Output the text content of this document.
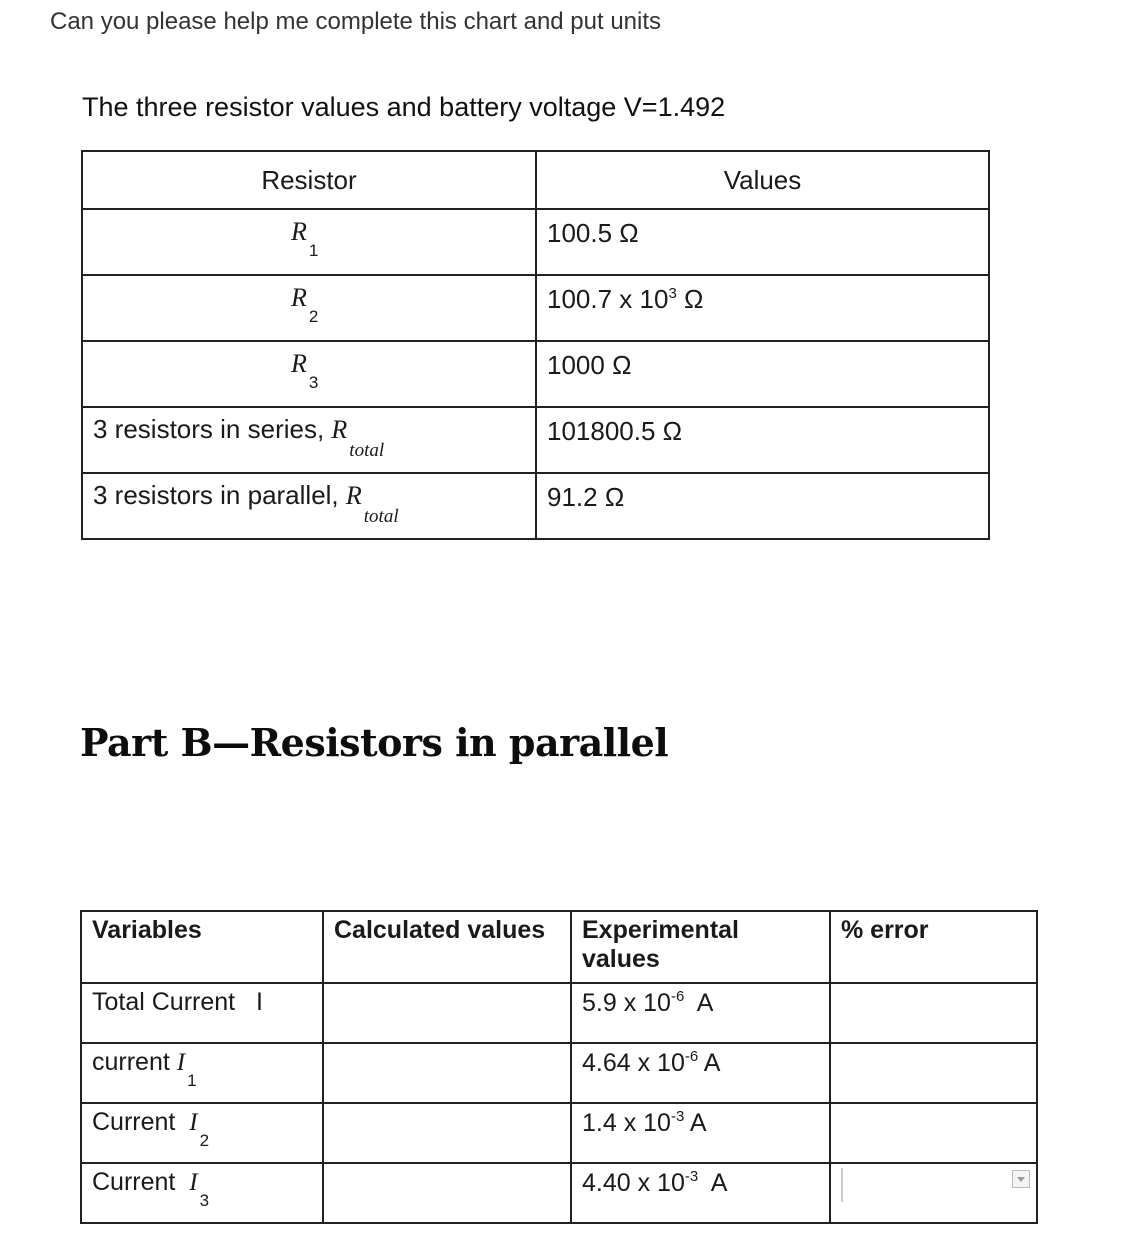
Can you please help me complete this chart and put units
The three resistor values and battery voltage V=1.492
Resistor	Values
$R_1$	100.5 Ω
$R_2$	100.7 x $10^3$ Ω
$R_3$	1000 Ω
3 resistors in series, $R_{total}$	101800.5 Ω
3 resistors in parallel, $R_{total}$	91.2 Ω
Part B—Resistors in parallel
Variables	Calculated values	Experimental values	% error
Total Current   I		5.9 x $10^{-6}$  A	
current $I_1$		4.64 x $10^{-6}$ A	
Current  $I_2$		1.4 x $10^{-3}$ A	
Current  $I_3$		4.40 x $10^{-3}$  A	
